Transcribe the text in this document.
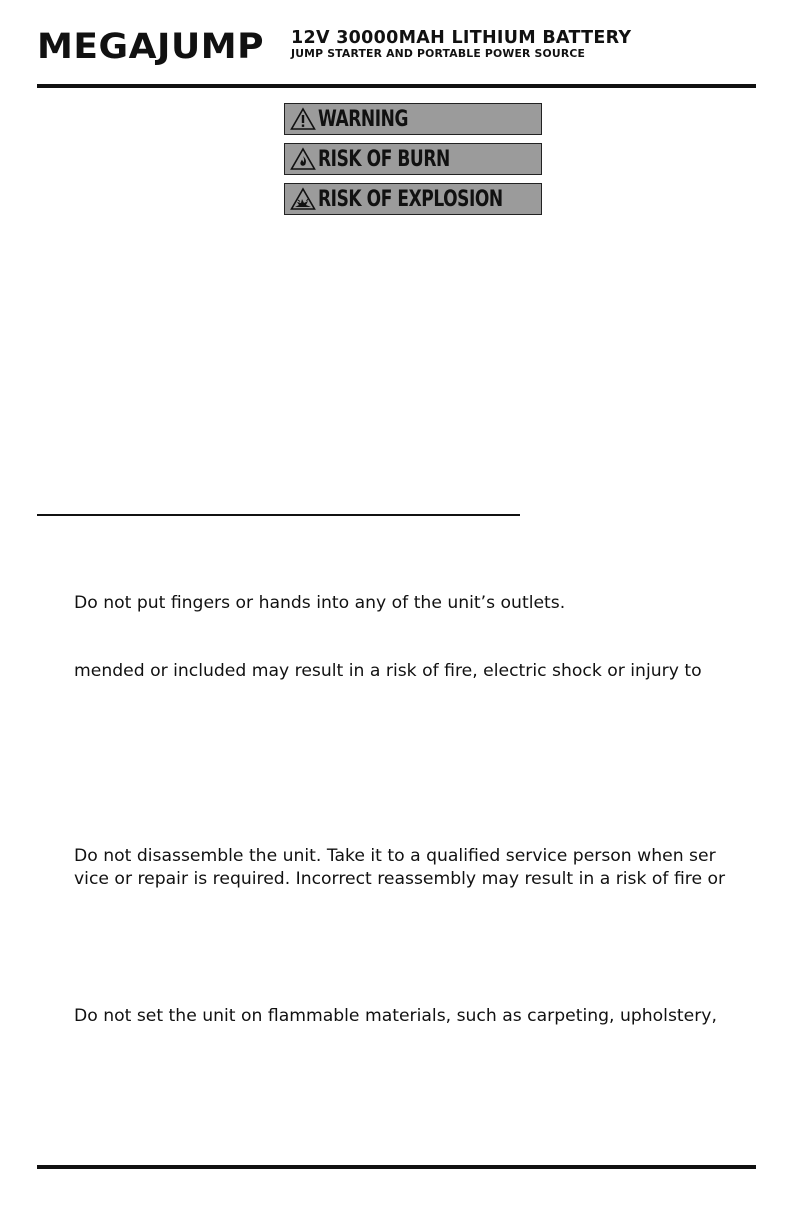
MEGAJUMP 12V 30000MAH LITHIUM BATTERY
JUMP STARTER AND PORTABLE POWER SOURCE
WARNING
RISK OF BURN
RISK OF EXPLOSION
Do not put fingers or hands into any of the unit’s outlets.
mended or included may result in a risk of fire, electric shock or injury to
Do not disassemble the unit. Take it to a qualified service person when ser
vice or repair is required. Incorrect reassembly may result in a risk of fire or
Do not set the unit on flammable materials, such as carpeting, upholstery,
